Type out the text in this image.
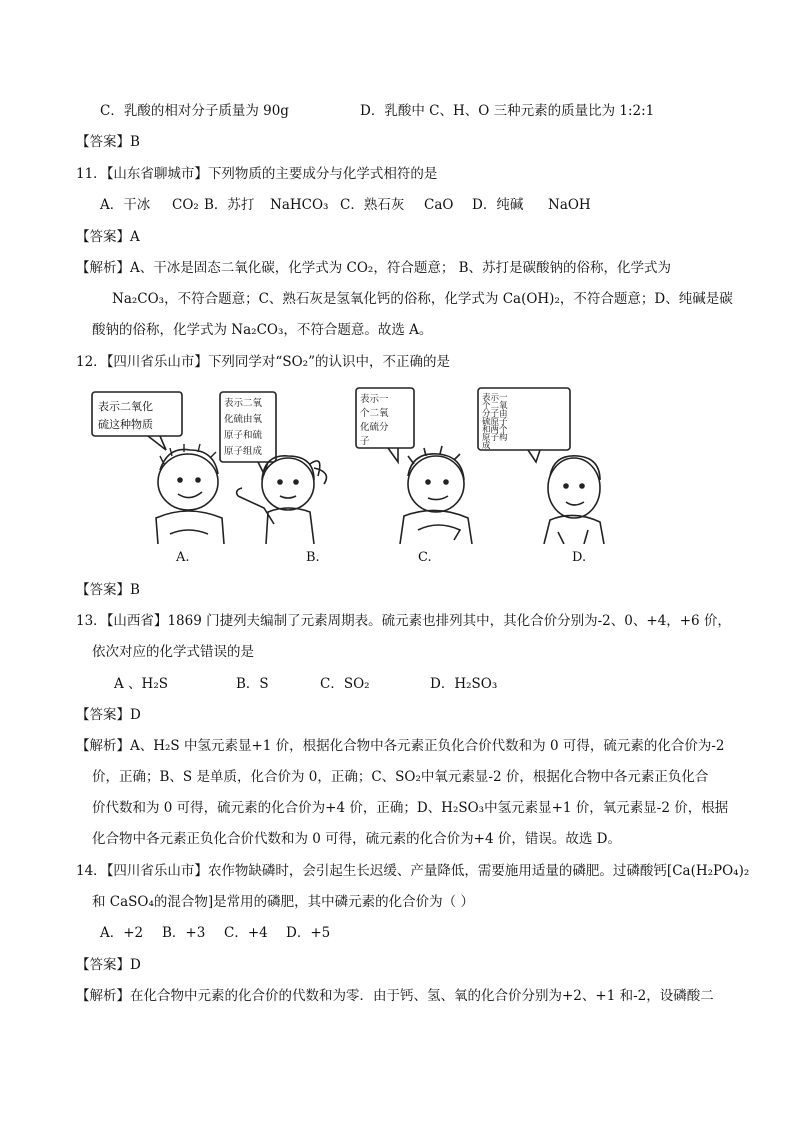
C．乳酸的相对分子质量为 90g	D．乳酸中 C、H、O 三种元素的质量比为 1:2:1
【答案】B
11．【山东省聊城市】下列物质的主要成分与化学式相符的是
A．干冰 CO₂ B．苏打 NaHCO₃ C．熟石灰 CaO D．纯碱 NaOH
【答案】A
【解析】A、干冰是固态二氧化碳，化学式为 CO₂，符合题意； B、苏打是碳酸钠的俗称，化学式为
Na₂CO₃，不符合题意；C、熟石灰是氢氧化钙的俗称，化学式为 Ca(OH)₂，不符合题意；D、纯碱是碳
酸钠的俗称，化学式为 Na₂CO₃，不符合题意。故选 A。
12．【四川省乐山市】下列同学对“SO₂”的认识中，不正确的是
表示二氧化
硫这种物质
表示二氧
化硫由氧
原子和硫
原子组成
表示一
个二氧
化硫分
子
表示一
个二氧
分子由
硫原子
和两个
原子构
成
A.	B.	C.	D.
【答案】B
13．【山西省】1869 门捷列夫编制了元素周期表。硫元素也排列其中，其化合价分别为-2、0、+4，+6 价，
依次对应的化学式错误的是
A 、H₂S	B．S	C．SO₂	D．H₂SO₃
【答案】D
【解析】A、H₂S 中氢元素显+1 价，根据化合物中各元素正负化合价代数和为 0 可得，硫元素的化合价为-2
价，正确；B、S 是单质，化合价为 0，正确；C、SO₂中氧元素显-2 价，根据化合物中各元素正负化合
价代数和为 0 可得，硫元素的化合价为+4 价，正确；D、H₂SO₃中氢元素显+1 价，氧元素显-2 价，根据
化合物中各元素正负化合价代数和为 0 可得，硫元素的化合价为+4 价，错误。故选 D。
14．【四川省乐山市】农作物缺磷时，会引起生长迟缓、产量降低，需要施用适量的磷肥。过磷酸钙[Ca(H₂PO₄)₂
和 CaSO₄的混合物]是常用的磷肥，其中磷元素的化合价为（ ）
A．+2 B．+3 C．+4 D．+5
【答案】D
【解析】在化合物中元素的化合价的代数和为零．由于钙、氢、氧的化合价分别为+2、+1 和-2，设磷酸二
